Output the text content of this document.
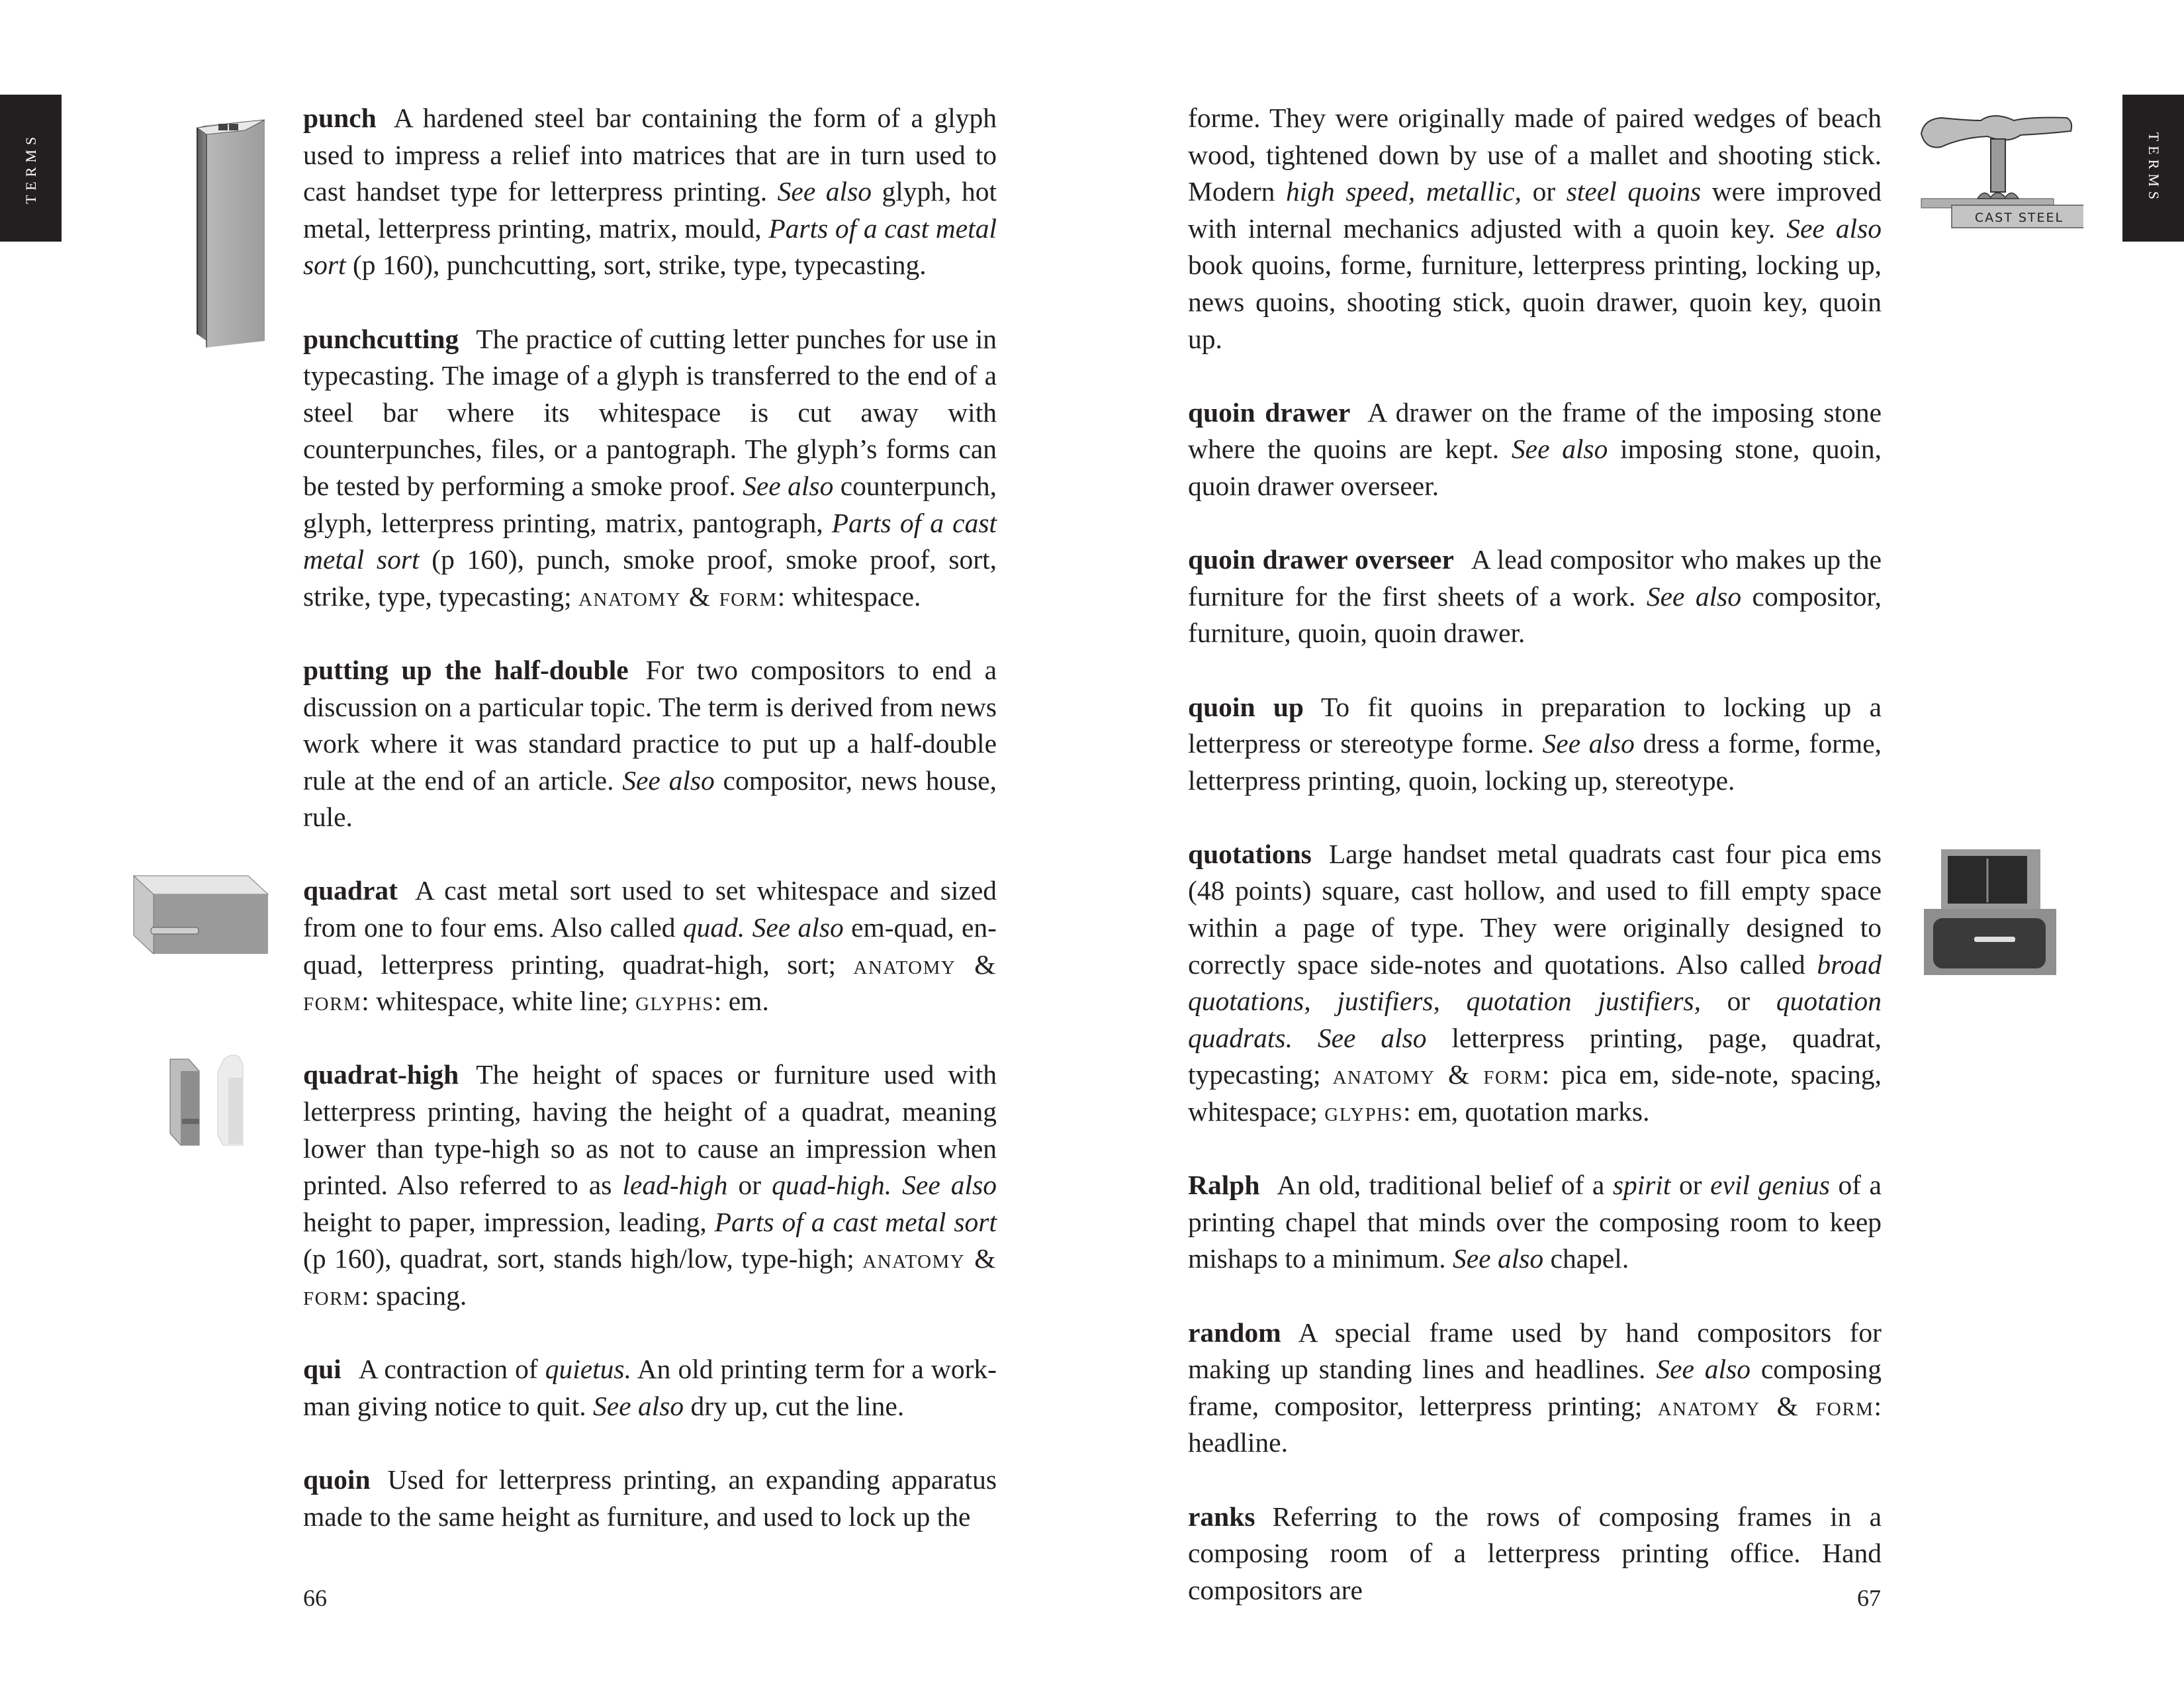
TERMS	TERMS
CAST STEEL

punch A hardened steel bar containing the form of a glyph used to impress a relief into matrices that are in turn used to cast handset type for letterpress printing. See also glyph, hot metal, letterpress printing, matrix, mould, Parts of a cast metal sort (p 160), punchcutting, sort, strike, type, typecasting.

punchcutting The practice of cutting letter punches for use in typecasting. The image of a glyph is transferred to the end of a steel bar where its whitespace is cut away with counterpunches, files, or a pantograph. The glyph’s forms can be tested by performing a smoke proof. See also counterpunch, glyph, letterpress printing, matrix, pantograph, Parts of a cast metal sort (p 160), punch, smoke proof, smoke proof, sort, strike, type, typecasting; anatomy & form: whitespace.

putting up the half-double For two compositors to end a discussion on a particular topic. The term is derived from news work where it was standard practice to put up a half-double rule at the end of an article. See also compositor, news house, rule.

quadrat A cast metal sort used to set whitespace and sized from one to four ems. Also called quad. See also em-quad, en-quad, letterpress printing, quadrat-high, sort; anatomy & form: whitespace, white line; glyphs: em.

quadrat-high The height of spaces or furniture used with letterpress printing, having the height of a quadrat, meaning lower than type-high so as not to cause an impression when printed. Also referred to as lead-high or quad-high. See also height to paper, impression, leading, Parts of a cast metal sort (p 160), quadrat, sort, stands high/low, type-high; anatomy & form: spacing.

qui A contraction of quietus. An old printing term for a workman giving notice to quit. See also dry up, cut the line.

quoin Used for letterpress printing, an expanding apparatus made to the same height as furniture, and used to lock up the

forme. They were originally made of paired wedges of beach wood, tightened down by use of a mallet and shooting stick. Modern high speed, metallic, or steel quoins were improved with internal mechanics adjusted with a quoin key. See also book quoins, forme, furniture, letterpress printing, locking up, news quoins, shooting stick, quoin drawer, quoin key, quoin up.

quoin drawer A drawer on the frame of the imposing stone where the quoins are kept. See also imposing stone, quoin, quoin drawer overseer.

quoin drawer overseer A lead compositor who makes up the furniture for the first sheets of a work. See also compositor, furniture, quoin, quoin drawer.

quoin up To fit quoins in preparation to locking up a letterpress or stereotype forme. See also dress a forme, forme, letterpress printing, quoin, locking up, stereotype.

quotations Large handset metal quadrats cast four pica ems (48 points) square, cast hollow, and used to fill empty space within a page of type. They were originally designed to correctly space side-notes and quotations. Also called broad quotations, justifiers, quotation justifiers, or quotation quadrats. See also letterpress printing, page, quadrat, typecasting; anatomy & form: pica em, side-note, spacing, whitespace; glyphs: em, quotation marks.

Ralph An old, traditional belief of a spirit or evil genius of a printing chapel that minds over the composing room to keep mishaps to a minimum. See also chapel.

random A special frame used by hand compositors for making up standing lines and headlines. See also composing frame, compositor, letterpress printing; anatomy & form: headline.

ranks Referring to the rows of composing frames in a composing room of a letterpress printing office. Hand compositors are

66	67
